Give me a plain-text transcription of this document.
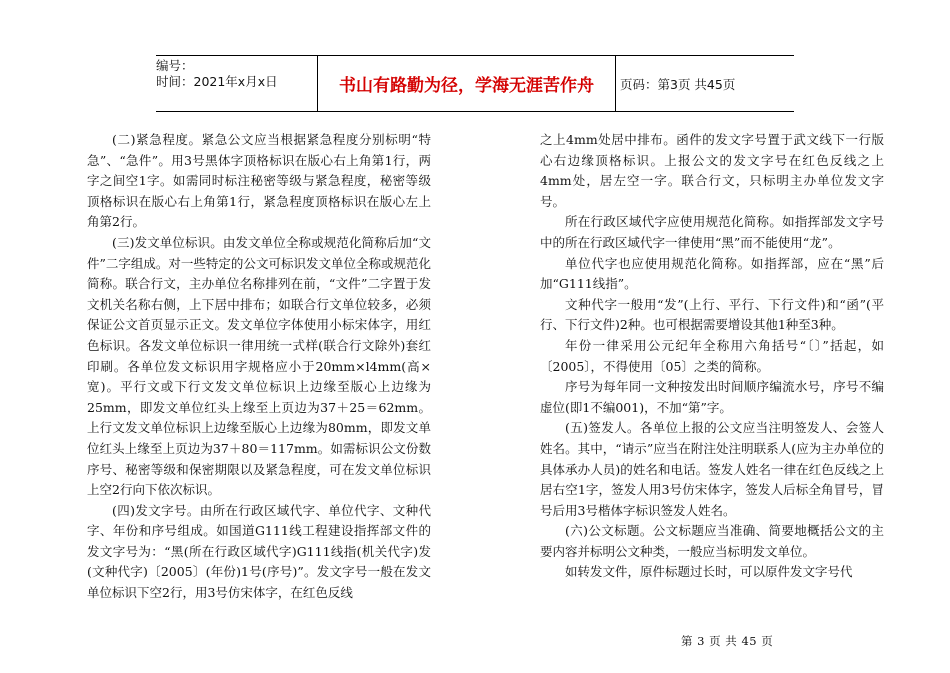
编号：
时间：2021年x月x日	书山有路勤为径，学海无涯苦作舟	页码：第3页 共45页

(二)紧急程度。紧急公文应当根据紧急程度分别标明“特急”、“急件”。用3号黑体字顶格标识在版心右上角第1行，两字之间空1字。如需同时标注秘密等级与紧急程度，秘密等级顶格标识在版心右上角第1行，紧急程度顶格标识在版心左上角第2行。

(三)发文单位标识。由发文单位全称或规范化简称后加“文件”二字组成。对一些特定的公文可标识发文单位全称或规范化简称。联合行文，主办单位名称排列在前，“文件”二字置于发文机关名称右侧，上下居中排布；如联合行文单位较多，必须保证公文首页显示正文。发文单位字体使用小标宋体字，用红色标识。各发文单位标识一律用统一式样(联合行文除外)套红印刷。各单位发文标识用字规格应小于20mm×l4mm(高×宽)。平行文或下行文发文单位标识上边缘至版心上边缘为25mm，即发文单位红头上缘至上页边为37＋25＝62mm。上行文发文单位标识上边缘至版心上边缘为80mm，即发文单位红头上缘至上页边为37＋80＝117mm。如需标识公文份数序号、秘密等级和保密期限以及紧急程度，可在发文单位标识上空2行向下依次标识。

(四)发文字号。由所在行政区域代字、单位代字、文种代字、年份和序号组成。如国道G111线工程建设指挥部文件的发文字号为：“黑(所在行政区域代字)G111线指(机关代字)发(文种代字)〔2005〕(年份)1号(序号)”。发文字号一般在发文单位标识下空2行，用3号仿宋体字，在红色反线

之上4mm处居中排布。函件的发文字号置于武文线下一行版心右边缘顶格标识。上报公文的发文字号在红色反线之上4mm处，居左空一字。联合行文，只标明主办单位发文字号。

所在行政区域代字应使用规范化简称。如指挥部发文字号中的所在行政区域代字一律使用“黑”而不能使用“龙”。

单位代字也应使用规范化简称。如指挥部，应在“黑”后加“G111线指”。

文种代字一般用“发”(上行、平行、下行文件)和“函”(平行、下行文件)2种。也可根据需要增设其他1种至3种。

年份一律采用公元纪年全称用六角括号“〔〕”括起，如〔2005〕，不得使用〔05〕之类的简称。

序号为每年同一文种按发出时间顺序编流水号，序号不编虚位(即1不编001)，不加“第”字。

(五)签发人。各单位上报的公文应当注明签发人、会签人姓名。其中，“请示”应当在附注处注明联系人(应为主办单位的具体承办人员)的姓名和电话。签发人姓名一律在红色反线之上居右空1字，签发人用3号仿宋体字，签发人后标全角冒号，冒号后用3号楷体字标识签发人姓名。

(六)公文标题。公文标题应当准确、简要地概括公文的主要内容并标明公文种类，一般应当标明发文单位。

如转发文件，原件标题过长时，可以原件发文字号代

第 3 页 共 45 页
